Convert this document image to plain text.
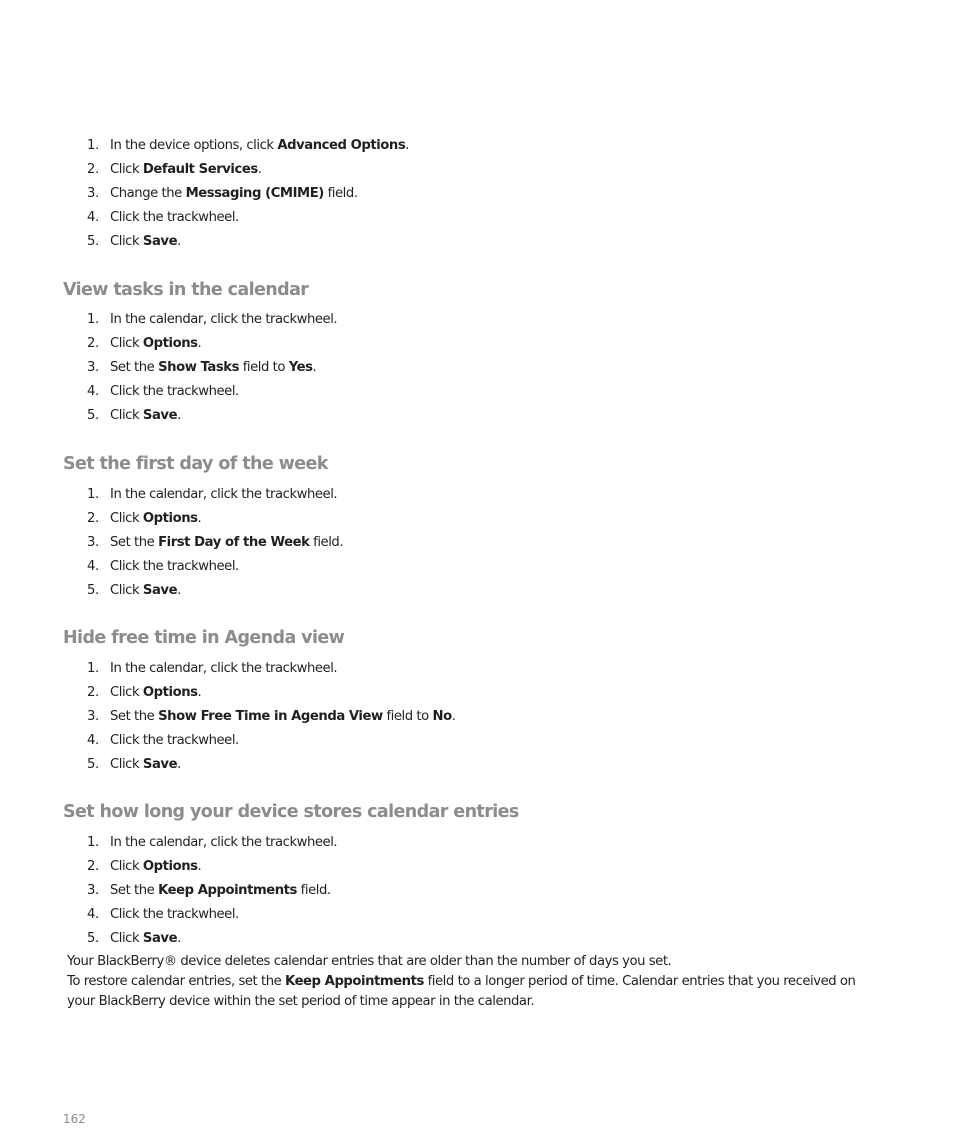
1. In the device options, click Advanced Options.
2. Click Default Services.
3. Change the Messaging (CMIME) field.
4. Click the trackwheel.
5. Click Save.
View tasks in the calendar
1. In the calendar, click the trackwheel.
2. Click Options.
3. Set the Show Tasks field to Yes.
4. Click the trackwheel.
5. Click Save.
Set the first day of the week
1. In the calendar, click the trackwheel.
2. Click Options.
3. Set the First Day of the Week field.
4. Click the trackwheel.
5. Click Save.
Hide free time in Agenda view
1. In the calendar, click the trackwheel.
2. Click Options.
3. Set the Show Free Time in Agenda View field to No.
4. Click the trackwheel.
5. Click Save.
Set how long your device stores calendar entries
1. In the calendar, click the trackwheel.
2. Click Options.
3. Set the Keep Appointments field.
4. Click the trackwheel.
5. Click Save.

Your BlackBerry® device deletes calendar entries that are older than the number of days you set.

To restore calendar entries, set the Keep Appointments field to a longer period of time. Calendar entries that you received on your BlackBerry device within the set period of time appear in the calendar.

162
